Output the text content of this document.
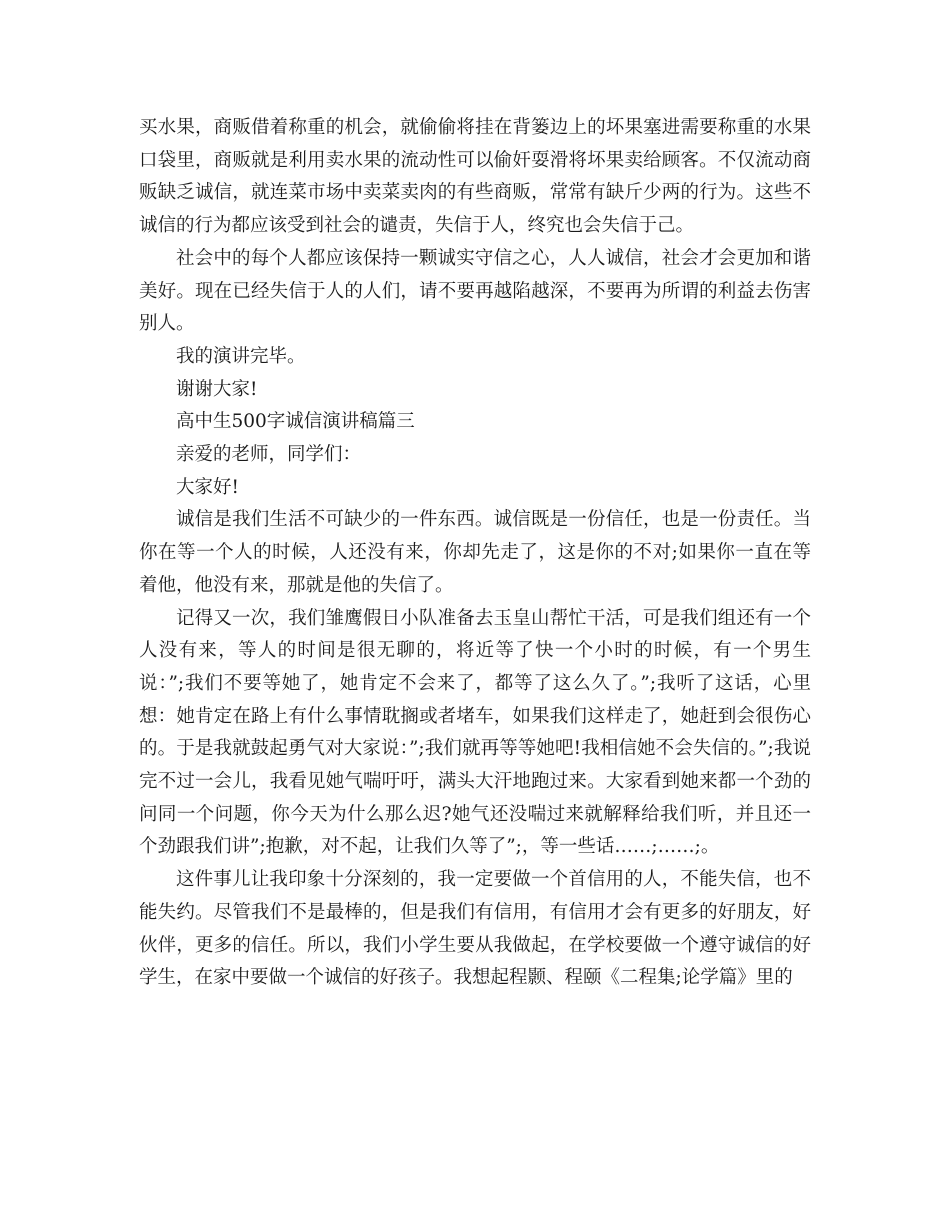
买水果，商贩借着称重的机会，就偷偷将挂在背篓边上的坏果塞进需要称重的水果口袋里，商贩就是利用卖水果的流动性可以偷奸耍滑将坏果卖给顾客。不仅流动商贩缺乏诚信，就连菜市场中卖菜卖肉的有些商贩，常常有缺斤少两的行为。这些不诚信的行为都应该受到社会的谴责，失信于人，终究也会失信于己。

社会中的每个人都应该保持一颗诚实守信之心，人人诚信，社会才会更加和谐美好。现在已经失信于人的人们，请不要再越陷越深，不要再为所谓的利益去伤害别人。

我的演讲完毕。

谢谢大家!

高中生500字诚信演讲稿篇三

亲爱的老师，同学们：

大家好!

诚信是我们生活不可缺少的一件东西。诚信既是一份信任，也是一份责任。当你在等一个人的时候，人还没有来，你却先走了，这是你的不对;如果你一直在等着他，他没有来，那就是他的失信了。

记得又一次，我们雏鹰假日小队准备去玉皇山帮忙干活，可是我们组还有一个人没有来，等人的时间是很无聊的，将近等了快一个小时的时候，有一个男生说：”;我们不要等她了，她肯定不会来了，都等了这么久了。”;我听了这话，心里想：她肯定在路上有什么事情耽搁或者堵车，如果我们这样走了，她赶到会很伤心的。于是我就鼓起勇气对大家说：”;我们就再等等她吧!我相信她不会失信的。”;我说完不过一会儿，我看见她气喘吁吁，满头大汗地跑过来。大家看到她来都一个劲的问同一个问题，你今天为什么那么迟?她气还没喘过来就解释给我们听，并且还一个劲跟我们讲”;抱歉，对不起，让我们久等了”;，等一些话……;……;。

这件事儿让我印象十分深刻的，我一定要做一个首信用的人，不能失信，也不能失约。尽管我们不是最棒的，但是我们有信用，有信用才会有更多的好朋友，好伙伴，更多的信任。所以，我们小学生要从我做起，在学校要做一个遵守诚信的好学生，在家中要做一个诚信的好孩子。我想起程颢、程颐《二程集;论学篇》里的
